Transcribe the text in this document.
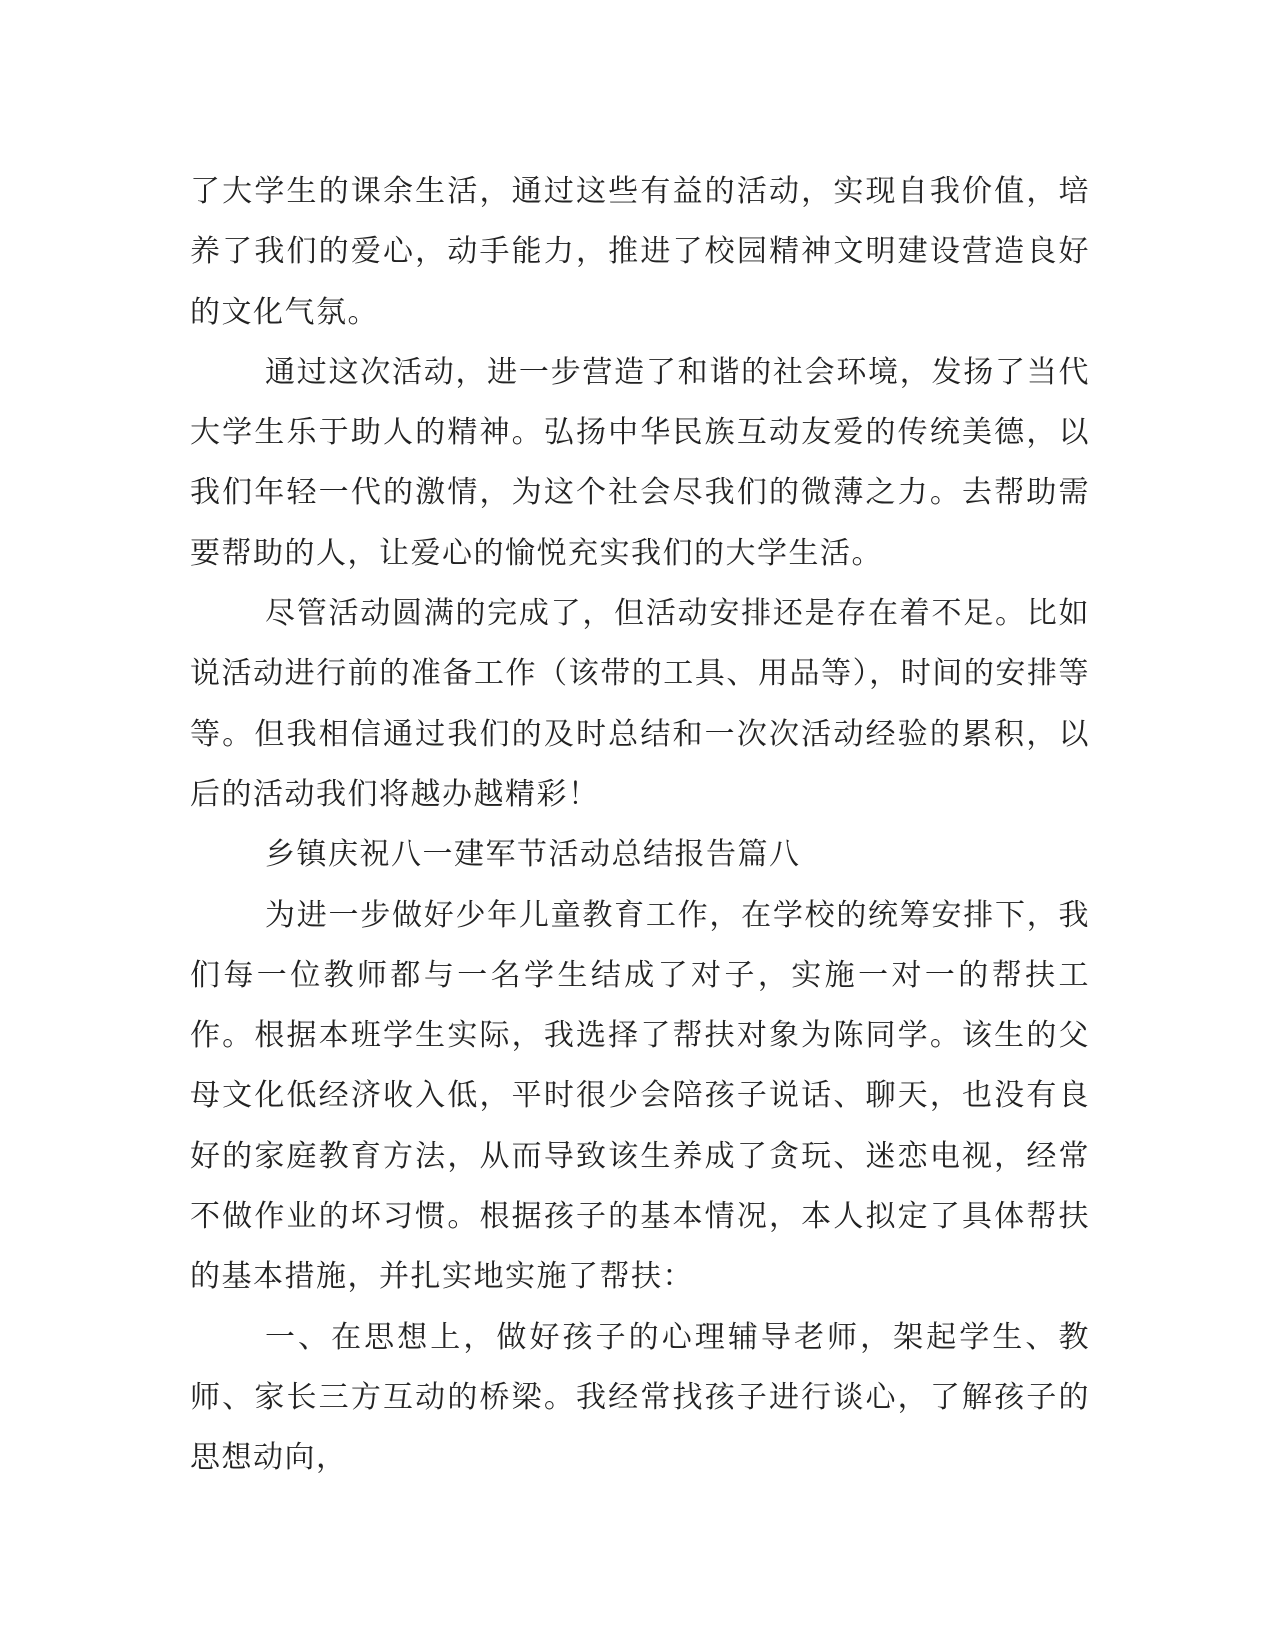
了大学生的课余生活，通过这些有益的活动，实现自我价值，培养了我们的爱心，动手能力，推进了校园精神文明建设营造良好的文化气氛。

通过这次活动，进一步营造了和谐的社会环境，发扬了当代大学生乐于助人的精神。弘扬中华民族互动友爱的传统美德，以我们年轻一代的激情，为这个社会尽我们的微薄之力。去帮助需要帮助的人，让爱心的愉悦充实我们的大学生活。

尽管活动圆满的完成了，但活动安排还是存在着不足。比如说活动进行前的准备工作（该带的工具、用品等），时间的安排等等。但我相信通过我们的及时总结和一次次活动经验的累积，以后的活动我们将越办越精彩！

乡镇庆祝八一建军节活动总结报告篇八

为进一步做好少年儿童教育工作，在学校的统筹安排下，我们每一位教师都与一名学生结成了对子，实施一对一的帮扶工作。根据本班学生实际，我选择了帮扶对象为陈同学。该生的父母文化低经济收入低，平时很少会陪孩子说话、聊天，也没有良好的家庭教育方法，从而导致该生养成了贪玩、迷恋电视，经常不做作业的坏习惯。根据孩子的基本情况，本人拟定了具体帮扶的基本措施，并扎实地实施了帮扶：

一、在思想上，做好孩子的心理辅导老师，架起学生、教师、家长三方互动的桥梁。我经常找孩子进行谈心，了解孩子的思想动向，
